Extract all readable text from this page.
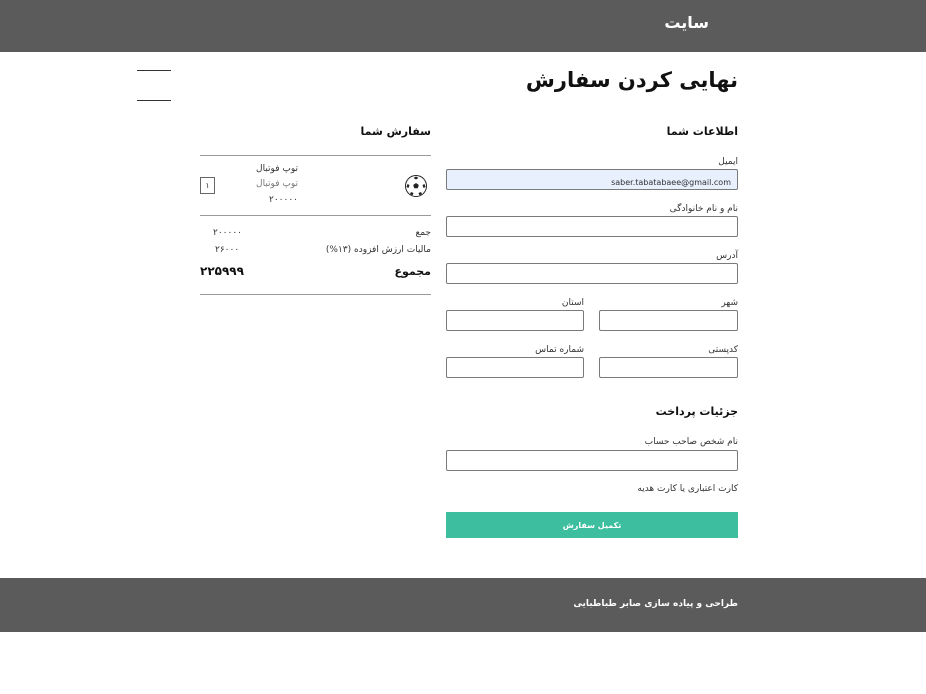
سایت
نهایی کردن سفارش
اطلاعات شما
ایمیل
saber.tabatabaee@gmail.com
نام و نام خانوادگی
آدرس
شهر
استان
کدپستی
شماره تماس
جزئیات پرداخت
نام شخص صاحب حساب
کارت اعتباری یا کارت هدیه
تکمیل سفارش
سفارش شما
توپ فوتبال
توپ فوتبال
۲۰۰۰۰۰
۱
جمع
۲۰۰۰۰۰
مالیات ارزش افزوده (۱۳%)
۲۶۰۰۰
مجموع
۲۲۵۹۹۹
طراحی و پیاده سازی صابر طباطبایی
